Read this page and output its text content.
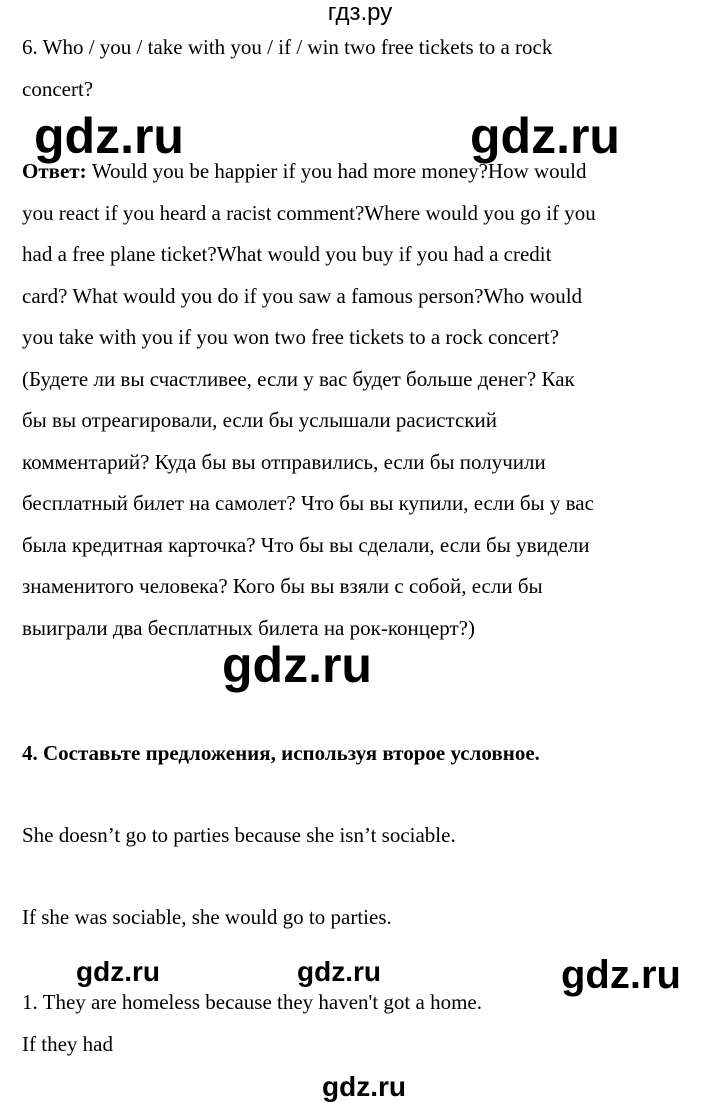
гдз.ру

6. Who / you / take with you / if / win two free tickets to a rock
concert?

gdz.ru	gdz.ru

Ответ: Would you be happier if you had more money?How would
you react if you heard a racist comment?Where would you go if you
had a free plane ticket?What would you buy if you had a credit
card? What would you do if you saw a famous person?Who would
you take with you if you won two free tickets to a rock concert?
(Будете ли вы счастливее, если у вас будет больше денег? Как
бы вы отреагировали, если бы услышали расистский
комментарий? Куда бы вы отправились, если бы получили
бесплатный билет на самолет? Что бы вы купили, если бы у вас
была кредитная карточка? Что бы вы сделали, если бы увидели
знаменитого человека? Кого бы вы взяли с собой, если бы
выиграли два бесплатных билета на рок-концерт?)

gdz.ru

4. Составьте предложения, используя второе условное.

She doesn’t go to parties because she isn’t sociable.

If she was sociable, she would go to parties.

gdz.ru	gdz.ru	gdz.ru

1. They are homeless because they haven't got a home.
If they had

gdz.ru
